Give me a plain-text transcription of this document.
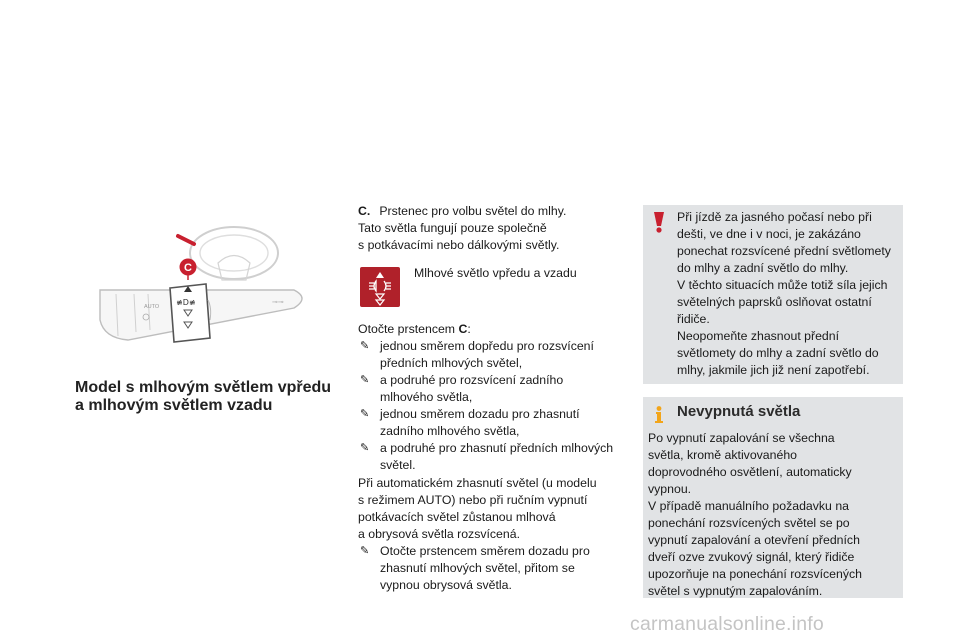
AUTO ≢D≢	⊸⊸
C
Model s mlhovým světlem vpředu
a mlhovým světlem vzadu
C. Prstenec pro volbu světel do mlhy.
Tato světla fungují pouze společně
s potkávacími nebo dálkovými světly.
Mlhové světlo vpředu a vzadu
Otočte prstencem C:
✎ jednou směrem dopředu pro rozsvícení
předních mlhových světel,
✎ a podruhé pro rozsvícení zadního
mlhového světla,
✎ jednou směrem dozadu pro zhasnutí
zadního mlhového světla,
✎ a podruhé pro zhasnutí předních mlhových
světel.
Při automatickém zhasnutí světel (u modelu
s režimem AUTO) nebo při ručním vypnutí
potkávacích světel zůstanou mlhová
a obrysová světla rozsvícená.
✎ Otočte prstencem směrem dozadu pro
zhasnutí mlhových světel, přitom se
vypnou obrysová světla.
Při jízdě za jasného počasí nebo při
dešti, ve dne i v noci, je zakázáno
ponechat rozsvícené přední světlomety
do mlhy a zadní světlo do mlhy.
V těchto situacích může totiž síla jejich
světelných paprsků oslňovat ostatní
řidiče.
Neopomeňte zhasnout přední
světlomety do mlhy a zadní světlo do
mlhy, jakmile jich již není zapotřebí.
Nevypnutá světla
Po vypnutí zapalování se všechna
světla, kromě aktivovaného
doprovodného osvětlení, automaticky
vypnou.
V případě manuálního požadavku na
ponechání rozsvícených světel se po
vypnutí zapalování a otevření předních
dveří ozve zvukový signál, který řidiče
upozorňuje na ponechání rozsvícených
světel s vypnutým zapalováním.
carmanualsonline.info
